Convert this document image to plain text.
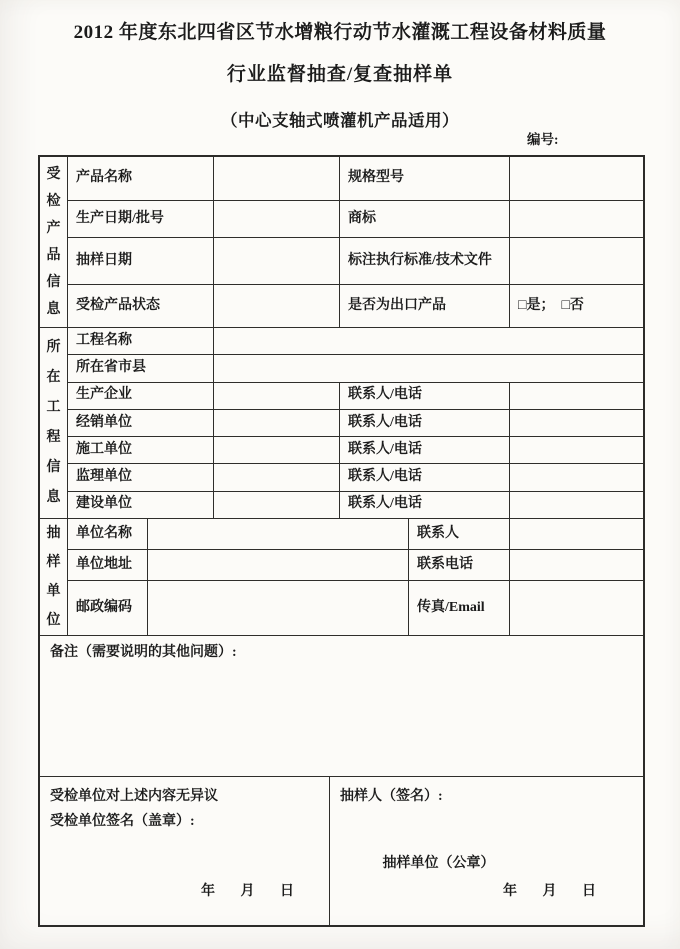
2012 年度东北四省区节水增粮行动节水灌溉工程设备材料质量
行业监督抽查/复查抽样单
（中心支轴式喷灌机产品适用）
编号:
受检产品信息
产品名称	规格型号
生产日期/批号	商标
抽样日期	标注执行标准/技术文件
受检产品状态	是否为出口产品	□是；  □否
所在工程信息
工程名称
所在省市县
生产企业	联系人/电话
经销单位	联系人/电话
施工单位	联系人/电话
监理单位	联系人/电话
建设单位	联系人/电话
抽样单位
单位名称	联系人
单位地址	联系电话
邮政编码	传真/Email
备注（需要说明的其他问题）:
受检单位对上述内容无异议
受检单位签名（盖章）:
年 月 日
抽样人（签名）:
抽样单位（公章）
年 月 日
